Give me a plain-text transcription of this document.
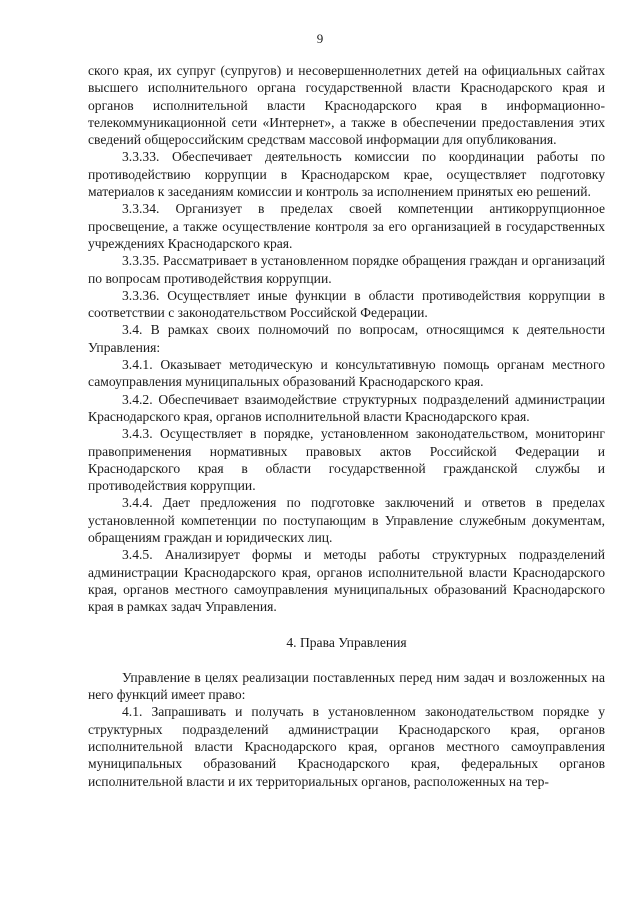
9

ского края, их супруг (супругов) и несовершеннолетних детей на официальных сайтах высшего исполнительного органа государственной власти Краснодарского края и органов исполнительной власти Краснодарского края в информационно-телекоммуникационной сети «Интернет», а также в обеспечении предоставления этих сведений общероссийским средствам массовой информации для опубликования.

3.3.33. Обеспечивает деятельность комиссии по координации работы по противодействию коррупции в Краснодарском крае, осуществляет подготовку материалов к заседаниям комиссии и контроль за исполнением принятых ею решений.

3.3.34. Организует в пределах своей компетенции антикоррупционное просвещение, а также осуществление контроля за его организацией в государственных учреждениях Краснодарского края.

3.3.35. Рассматривает в установленном порядке обращения граждан и организаций по вопросам противодействия коррупции.

3.3.36. Осуществляет иные функции в области противодействия коррупции в соответствии с законодательством Российской Федерации.

3.4. В рамках своих полномочий по вопросам, относящимся к деятельности Управления:

3.4.1. Оказывает методическую и консультативную помощь органам местного самоуправления муниципальных образований Краснодарского края.

3.4.2. Обеспечивает взаимодействие структурных подразделений администрации Краснодарского края, органов исполнительной власти Краснодарского края.

3.4.3. Осуществляет в порядке, установленном законодательством, мониторинг правоприменения нормативных правовых актов Российской Федерации и Краснодарского края в области государственной гражданской службы и противодействия коррупции.

3.4.4. Дает предложения по подготовке заключений и ответов в пределах установленной компетенции по поступающим в Управление служебным документам, обращениям граждан и юридических лиц.

3.4.5. Анализирует формы и методы работы структурных подразделений администрации Краснодарского края, органов исполнительной власти Краснодарского края, органов местного самоуправления муниципальных образований Краснодарского края в рамках задач Управления.

4. Права Управления

Управление в целях реализации поставленных перед ним задач и возложенных на него функций имеет право:

4.1. Запрашивать и получать в установленном законодательством порядке у структурных подразделений администрации Краснодарского края, органов исполнительной власти Краснодарского края, органов местного самоуправления муниципальных образований Краснодарского края, федеральных органов исполнительной власти и их территориальных органов, расположенных на тер-
